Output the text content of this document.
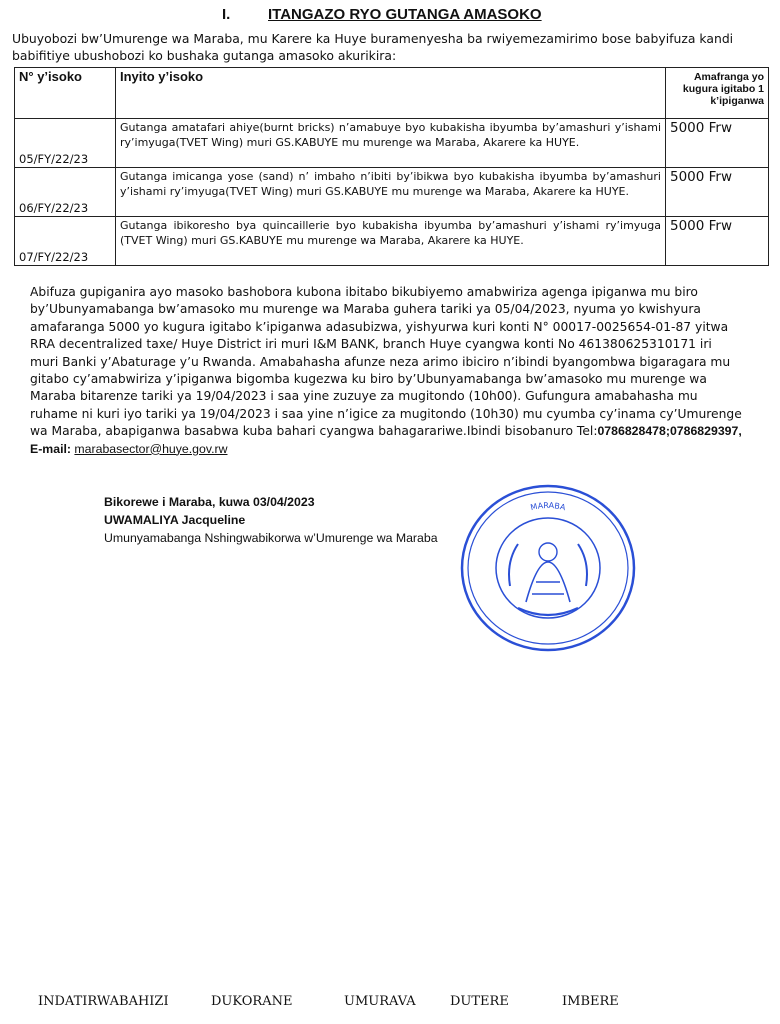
I.	ITANGAZO RYO GUTANGA AMASOKO
Ubuyobozi bw’Umurenge wa Maraba, mu Karere ka Huye buramenyesha ba rwiyemezamirimo bose babyifuza kandi babifitiye ubushobozi ko bushaka gutanga amasoko akurikira:
N° y’isoko	Inyito y’isoko	Amafranga yo kugura igitabo 1 k’ipiganwa
05/FY/22/23	Gutanga amatafari ahiye(burnt bricks) n’amabuye byo kubakisha ibyumba by’amashuri y’ishami ry’imyuga(TVET Wing) muri GS.KABUYE mu murenge wa Maraba, Akarere ka HUYE.	5000 Frw
06/FY/22/23	Gutanga imicanga yose (sand) n’ imbaho n’ibiti by’ibikwa byo kubakisha ibyumba by’amashuri y’ishami ry’imyuga(TVET Wing) muri GS.KABUYE mu murenge wa Maraba, Akarere ka HUYE.	5000 Frw
07/FY/22/23	Gutanga ibikoresho bya quincaillerie byo kubakisha ibyumba by’amashuri y’ishami ry’imyuga (TVET Wing) muri GS.KABUYE mu murenge wa Maraba, Akarere ka HUYE.	5000 Frw
Abifuza gupiganira ayo masoko bashobora kubona ibitabo bikubiyemo amabwiriza agenga ipiganwa mu biro by’Ubunyamabanga bw’amasoko mu murenge wa Maraba guhera tariki ya 05/04/2023, nyuma yo kwishyura amafaranga 5000 yo kugura igitabo k’ipiganwa adasubizwa, yishyurwa kuri konti N° 00017-0025654-01-87 yitwa RRA decentralized taxe/ Huye District iri muri I&M BANK, branch Huye cyangwa konti No 461380625310171 iri muri Banki y’Abaturage y’u Rwanda. Amabahasha afunze neza arimo ibiciro n’ibindi byangombwa bigaragara mu gitabo cy’amabwiriza y’ipiganwa bigomba kugezwa ku biro by’Ubunyamabanga bw’amasoko mu murenge wa Maraba bitarenze tariki ya 19/04/2023 i saa yine zuzuye za mugitondo (10h00). Gufungura amabahasha mu ruhame ni kuri iyo tariki ya 19/04/2023 i saa yine n’igice za mugitondo (10h30) mu cyumba cy’inama cy’Umurenge wa Maraba, abapiganwa basabwa kuba bahari cyangwa bahagarariwe.Ibindi bisobanuro Tel:0786828478;0786829397, E-mail: marabasector@huye.gov.rw
Bikorewe i Maraba, kuwa 03/04/2023
UWAMALIYA Jacqueline
Umunyamabanga Nshingwabikorwa w’Umurenge wa Maraba
MARABA
INDATIRWABAHIZI	DUKORANE	UMURAVA	DUTERE	IMBERE
